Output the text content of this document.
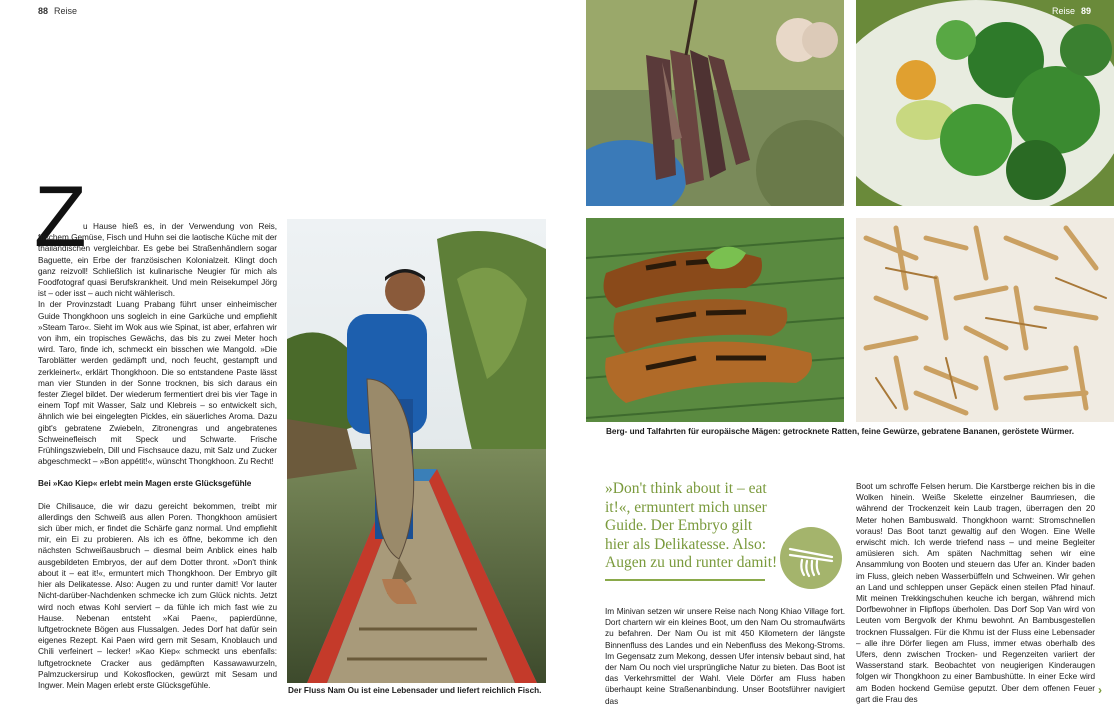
88 Reise	Reise 89
Z

u Hause hieß es, in der Verwendung von Reis, frischem Gemüse, Fisch und Huhn sei die laotische Küche mit der thailändischen vergleichbar. Es gebe bei Straßenhändlern sogar Baguette, ein Erbe der französischen Kolonialzeit. Klingt doch ganz reizvoll! Schließlich ist kulinarische Neugier für mich als Foodfotograf quasi Berufskrankheit. Und mein Reisekumpel Jörg ist – oder isst – auch nicht wählerisch.

In der Provinzstadt Luang Prabang führt unser einheimischer Guide Thongkhoon uns sogleich in eine Garküche und empfiehlt »Steam Taro«. Sieht im Wok aus wie Spinat, ist aber, erfahren wir von ihm, ein tropisches Gewächs, das bis zu zwei Meter hoch wird. Taro, finde ich, schmeckt ein bisschen wie Mangold. »Die Taroblätter werden gedämpft und, noch feucht, gestampft und zerkleinert«, erklärt Thongkhoon. Die so entstandene Paste lässt man vier Stunden in der Sonne trocknen, bis sich daraus ein fester Ziegel bildet. Der wiederum fermentiert drei bis vier Tage in einem Topf mit Wasser, Salz und Klebreis – so entwickelt sich, ähnlich wie bei eingelegten Pickles, ein säuerliches Aroma. Dazu gibt's gebratene Zwiebeln, Zitronengras und angebratenes Schweinefleisch mit Speck und Schwarte. Frische Frühlingszwiebeln, Dill und Fischsauce dazu, mit Salz und Zucker abgeschmeckt – »Bon appétit!«, wünscht Thongkhoon. Zu Recht!

Bei »Kao Kiep« erlebt mein Magen erste Glücksgefühle

Die Chilisauce, die wir dazu gereicht bekommen, treibt mir allerdings den Schweiß aus allen Poren. Thongkhoon amüsiert sich über mich, er findet die Schärfe ganz normal. Und empfiehlt mir, ein Ei zu probieren. Als ich es öffne, bekomme ich den nächsten Schweißausbruch – diesmal beim Anblick eines halb ausgebildeten Embryos, der auf dem Dotter thront. »Don't think about it – eat it!«, ermuntert mich Thongkhoon. Der Embryo gilt hier als Delikatesse. Also: Augen zu und runter damit! Vor lauter Nicht-darüber-Nachdenken schmecke ich zum Glück nichts. Jetzt wird noch etwas Kohl serviert – da fühle ich mich fast wie zu Hause. Nebenan entsteht »Kai Paen«, papierdünne, luftgetrocknete Bögen aus Flussalgen. Jedes Dorf hat dafür sein eigenes Rezept. Kai Paen wird gern mit Sesam, Knoblauch und Chili verfeinert – lecker! »Kao Kiep« schmeckt uns ebenfalls: luftgetrocknete Cracker aus gedämpften Kassawawurzeln, Palmzuckersirup und Kokosflocken, gewürzt mit Sesam und Ingwer. Mein Magen erlebt erste Glücksgefühle.

Der Fluss Nam Ou ist eine Lebensader und liefert reichlich Fisch.
Berg- und Talfahrten für europäische Mägen: getrocknete Ratten, feine Gewürze, gebratene Bananen, geröstete Würmer.
»Don't think about it – eat it!«, ermuntert mich unser Guide. Der Embryo gilt hier als Delikatesse. Also: Augen zu und runter damit!

Im Minivan setzen wir unsere Reise nach Nong Khiao Village fort. Dort chartern wir ein kleines Boot, um den Nam Ou stromaufwärts zu befahren. Der Nam Ou ist mit 450 Kilometern der längste Binnenfluss des Landes und ein Nebenfluss des Mekong-Stroms. Im Gegensatz zum Mekong, dessen Ufer intensiv bebaut sind, hat der Nam Ou noch viel ursprüngliche Natur zu bieten. Das Boot ist das Verkehrsmittel der Wahl. Viele Dörfer am Fluss haben überhaupt keine Straßenanbindung. Unser Bootsführer navigiert das

Boot um schroffe Felsen herum. Die Karstberge reichen bis in die Wolken hinein. Weiße Skelette einzelner Baumriesen, die während der Trockenzeit kein Laub tragen, überragen den 20 Meter hohen Bambuswald. Thongkhoon warnt: Stromschnellen voraus! Das Boot tanzt gewaltig auf den Wogen. Eine Welle erwischt mich. Ich werde triefend nass – und meine Begleiter amüsieren sich. Am späten Nachmittag sehen wir eine Ansammlung von Booten und steuern das Ufer an. Kinder baden im Fluss, gleich neben Wasserbüffeln und Schweinen. Wir gehen an Land und schleppen unser Gepäck einen steilen Pfad hinauf. Mit meinen Trekkingschuhen keuche ich bergan, während mich Dorfbewohner in Flipflops überholen. Das Dorf Sop Van wird von Leuten vom Bergvolk der Khmu bewohnt. An Bambusgestellen trocknen Flussalgen. Für die Khmu ist der Fluss eine Lebensader – alle ihre Dörfer liegen am Fluss, immer etwas oberhalb des Ufers, denn zwischen Trocken- und Regenzeiten variiert der Wasserstand stark. Beobachtet von neugierigen Kinderaugen folgen wir Thongkhoon zu einer Bambushütte. In einer Ecke wird am Boden hockend Gemüse geputzt. Über dem offenen Feuer gart die Frau des

›
